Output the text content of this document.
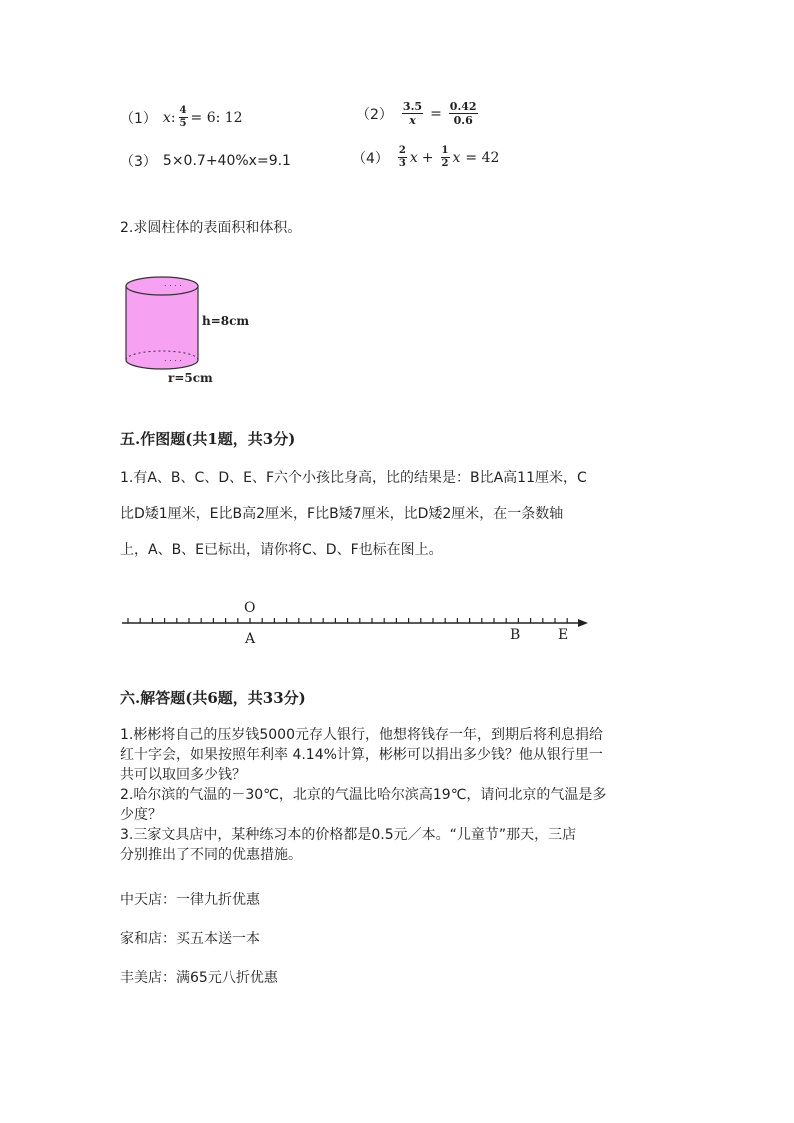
（1） x : $\frac{4}{5} = 6$: 12	$(2) \frac{3.5}{x} = \frac{0.42}{0.6}$
（3） 5×0.7+40%x=9.1	$(4) \frac{2}{3}$ $x + \frac{1}{2}$ x = 42
2.求圆柱体的表面积和体积。
. . . .
. . . .
h=8cm
r=5cm
五.作图题(共1题，共3分)
1.有A、B、C、D、E、F六个小孩比身高，比的结果是：B比A高11厘米，C
比D矮1厘米，E比B高2厘米，F比B矮7厘米，比D矮2厘米，在一条数轴
上，A、B、E已标出，请你将C、D、F也标在图上。
O
A	B	E
六.解答题(共6题，共33分)
1.彬彬将自己的压岁钱5000元存人银行，他想将钱存一年，到期后将利息捐给
红十字会，如果按照年利率 4.14%计算，彬彬可以捐出多少钱？他从银行里一
共可以取回多少钱？
2.哈尔滨的气温的－30℃，北京的气温比哈尔滨高19℃，请问北京的气温是多
少度？
3.三家文具店中，某种练习本的价格都是0.5元／本。“儿童节”那天，三店
分别推出了不同的优惠措施。
中天店：一律九折优惠
家和店：买五本送一本
丰美店：满65元八折优惠
